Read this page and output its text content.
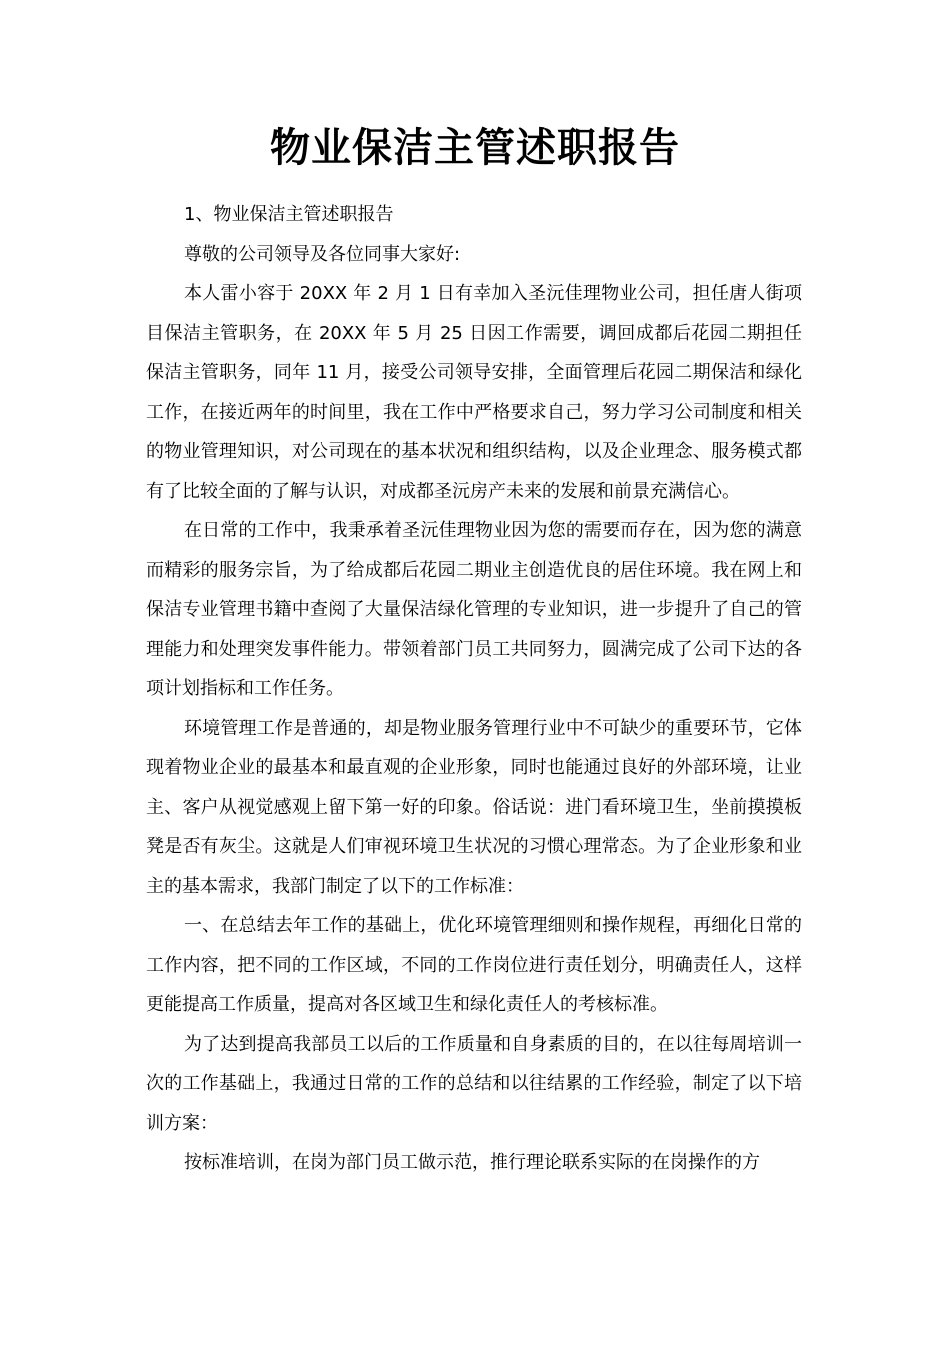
物业保洁主管述职报告

1、物业保洁主管述职报告

尊敬的公司领导及各位同事大家好:

本人雷小容于 20XX 年 2 月 1 日有幸加入圣沅佳理物业公司，担任唐人街项目保洁主管职务，在 20XX 年 5 月 25 日因工作需要，调回成都后花园二期担任保洁主管职务，同年 11 月，接受公司领导安排，全面管理后花园二期保洁和绿化工作，在接近两年的时间里，我在工作中严格要求自己，努力学习公司制度和相关的物业管理知识，对公司现在的基本状况和组织结构，以及企业理念、服务模式都有了比较全面的了解与认识，对成都圣沅房产未来的发展和前景充满信心。

在日常的工作中，我秉承着圣沅佳理物业因为您的需要而存在，因为您的满意而精彩的服务宗旨，为了给成都后花园二期业主创造优良的居住环境。我在网上和保洁专业管理书籍中查阅了大量保洁绿化管理的专业知识，进一步提升了自己的管理能力和处理突发事件能力。带领着部门员工共同努力，圆满完成了公司下达的各项计划指标和工作任务。

环境管理工作是普通的，却是物业服务管理行业中不可缺少的重要环节，它体现着物业企业的最基本和最直观的企业形象，同时也能通过良好的外部环境，让业主、客户从视觉感观上留下第一好的印象。俗话说：进门看环境卫生，坐前摸摸板凳是否有灰尘。这就是人们审视环境卫生状况的习惯心理常态。为了企业形象和业主的基本需求，我部门制定了以下的工作标准：

一、在总结去年工作的基础上，优化环境管理细则和操作规程，再细化日常的工作内容，把不同的工作区域，不同的工作岗位进行责任划分，明确责任人，这样更能提高工作质量，提高对各区域卫生和绿化责任人的考核标准。

为了达到提高我部员工以后的工作质量和自身素质的目的，在以往每周培训一次的工作基础上，我通过日常的工作的总结和以往结累的工作经验，制定了以下培训方案：

按标准培训，在岗为部门员工做示范，推行理论联系实际的在岗操作的方
